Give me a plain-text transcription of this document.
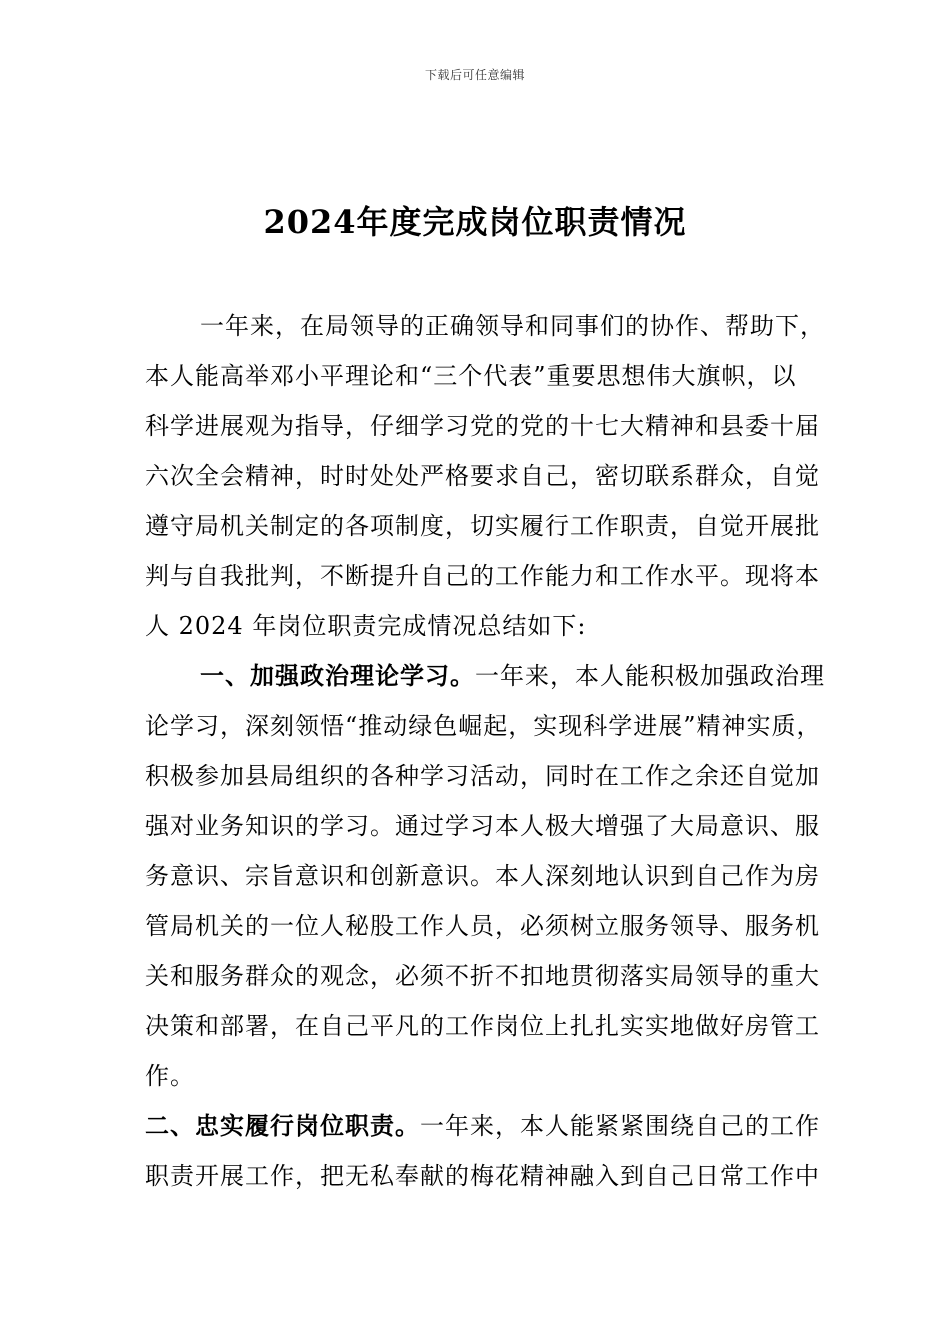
下载后可任意编辑
2024年度完成岗位职责情况
一年来，在局领导的正确领导和同事们的协作、帮助下，
本人能高举邓小平理论和“三个代表”重要思想伟大旗帜，以
科学进展观为指导，仔细学习党的党的十七大精神和县委十届
六次全会精神，时时处处严格要求自己，密切联系群众，自觉
遵守局机关制定的各项制度，切实履行工作职责，自觉开展批
判与自我批判，不断提升自己的工作能力和工作水平。现将本
人 2024 年岗位职责完成情况总结如下:
一、加强政治理论学习。一年来，本人能积极加强政治理
论学习，深刻领悟“推动绿色崛起，实现科学进展”精神实质，
积极参加县局组织的各种学习活动，同时在工作之余还自觉加
强对业务知识的学习。通过学习本人极大增强了大局意识、服
务意识、宗旨意识和创新意识。本人深刻地认识到自己作为房
管局机关的一位人秘股工作人员，必须树立服务领导、服务机
关和服务群众的观念，必须不折不扣地贯彻落实局领导的重大
决策和部署，在自己平凡的工作岗位上扎扎实实地做好房管工
作。
二、忠实履行岗位职责。一年来，本人能紧紧围绕自己的工作
职责开展工作，把无私奉献的梅花精神融入到自己日常工作中
